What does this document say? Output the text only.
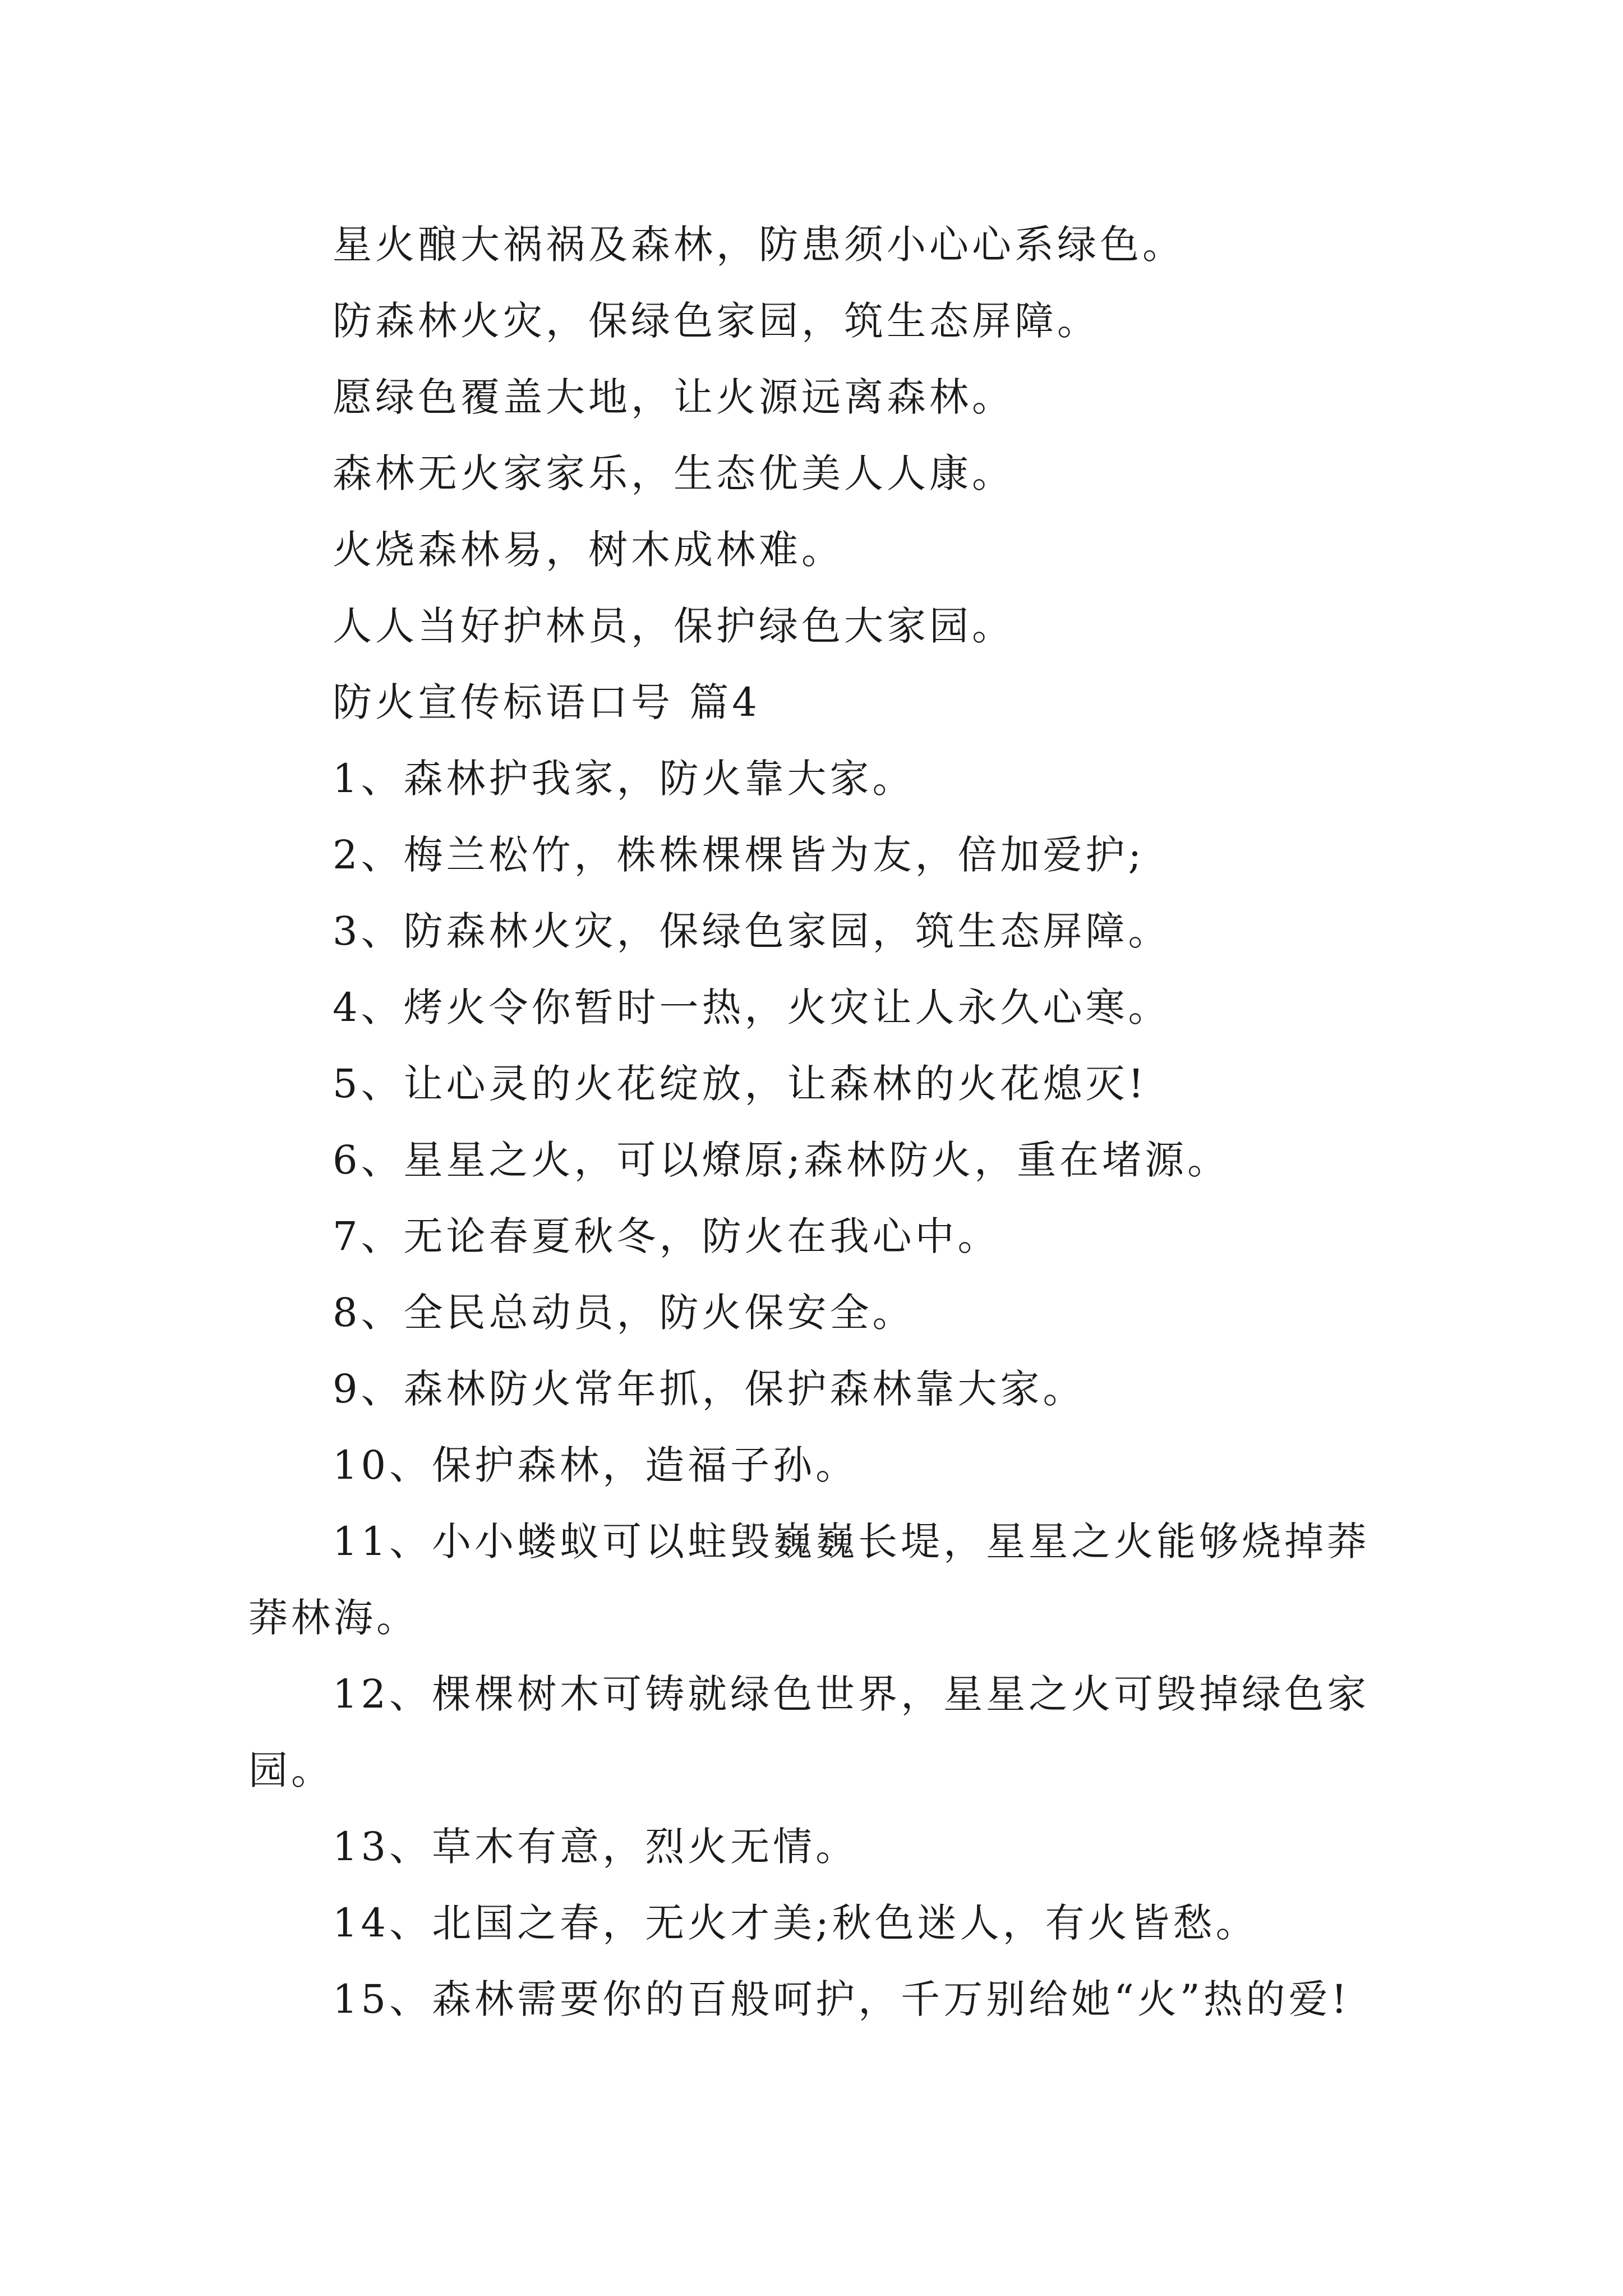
星火酿大祸祸及森林，防患须小心心系绿色。

防森林火灾，保绿色家园，筑生态屏障。

愿绿色覆盖大地，让火源远离森林。

森林无火家家乐，生态优美人人康。

火烧森林易，树木成林难。

人人当好护林员，保护绿色大家园。

防火宣传标语口号 篇4

1、森林护我家，防火靠大家。

2、梅兰松竹，株株棵棵皆为友，倍加爱护;

3、防森林火灾，保绿色家园，筑生态屏障。

4、烤火令你暂时一热，火灾让人永久心寒。

5、让心灵的火花绽放，让森林的火花熄灭!

6、星星之火，可以燎原;森林防火，重在堵源。

7、无论春夏秋冬，防火在我心中。

8、全民总动员，防火保安全。

9、森林防火常年抓，保护森林靠大家。

10、保护森林，造福子孙。

11、小小蝼蚁可以蛀毁巍巍长堤，星星之火能够烧掉莽莽林海。

12、棵棵树木可铸就绿色世界，星星之火可毁掉绿色家园。

13、草木有意，烈火无情。

14、北国之春，无火才美;秋色迷人，有火皆愁。

15、森林需要你的百般呵护，千万别给她“火”热的爱!
